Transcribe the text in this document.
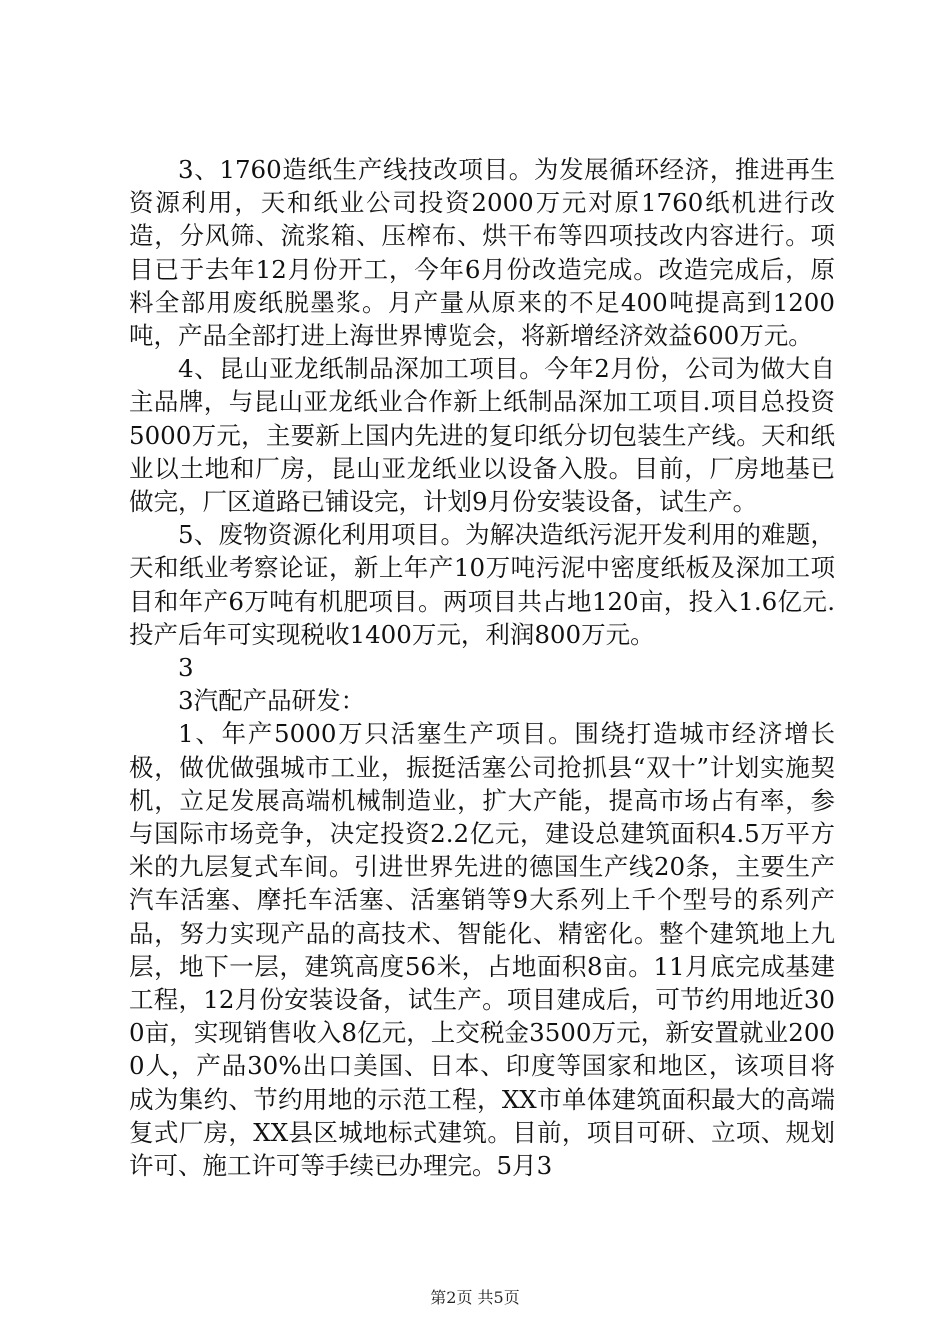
3、1760造纸生产线技改项目。为发展循环经济，推进再生资源利用，天和纸业公司投资2000万元对原1760纸机进行改造，分风筛、流浆箱、压榨布、烘干布等四项技改内容进行。项目已于去年12月份开工，今年6月份改造完成。改造完成后，原料全部用废纸脱墨浆。月产量从原来的不足400吨提高到1200吨，产品全部打进上海世界博览会，将新增经济效益600万元。

4、昆山亚龙纸制品深加工项目。今年2月份，公司为做大自主品牌，与昆山亚龙纸业合作新上纸制品深加工项目.项目总投资5000万元，主要新上国内先进的复印纸分切包装生产线。天和纸业以土地和厂房，昆山亚龙纸业以设备入股。目前，厂房地基已做完，厂区道路已铺设完，计划9月份安装设备，试生产。

5、废物资源化利用项目。为解决造纸污泥开发利用的难题，天和纸业考察论证，新上年产10万吨污泥中密度纸板及深加工项目和年产6万吨有机肥项目。两项目共占地120亩，投入1.6亿元.投产后年可实现税收1400万元，利润800万元。

3

3汽配产品研发：

1、年产5000万只活塞生产项目。围绕打造城市经济增长极，做优做强城市工业，振挺活塞公司抢抓县“双十”计划实施契机，立足发展高端机械制造业，扩大产能，提高市场占有率，参与国际市场竞争，决定投资2.2亿元，建设总建筑面积4.5万平方米的九层复式车间。引进世界先进的德国生产线20条，主要生产汽车活塞、摩托车活塞、活塞销等9大系列上千个型号的系列产品，努力实现产品的高技术、智能化、精密化。整个建筑地上九层，地下一层，建筑高度56米，占地面积8亩。11月底完成基建工程，12月份安装设备，试生产。项目建成后，可节约用地近300亩，实现销售收入8亿元，上交税金3500万元，新安置就业2000人，产品30%出口美国、日本、印度等国家和地区，该项目将成为集约、节约用地的示范工程，XX市单体建筑面积最大的高端复式厂房，XX县区城地标式建筑。目前，项目可研、立项、规划许可、施工许可等手续已办理完。5月3

第2页 共5页
